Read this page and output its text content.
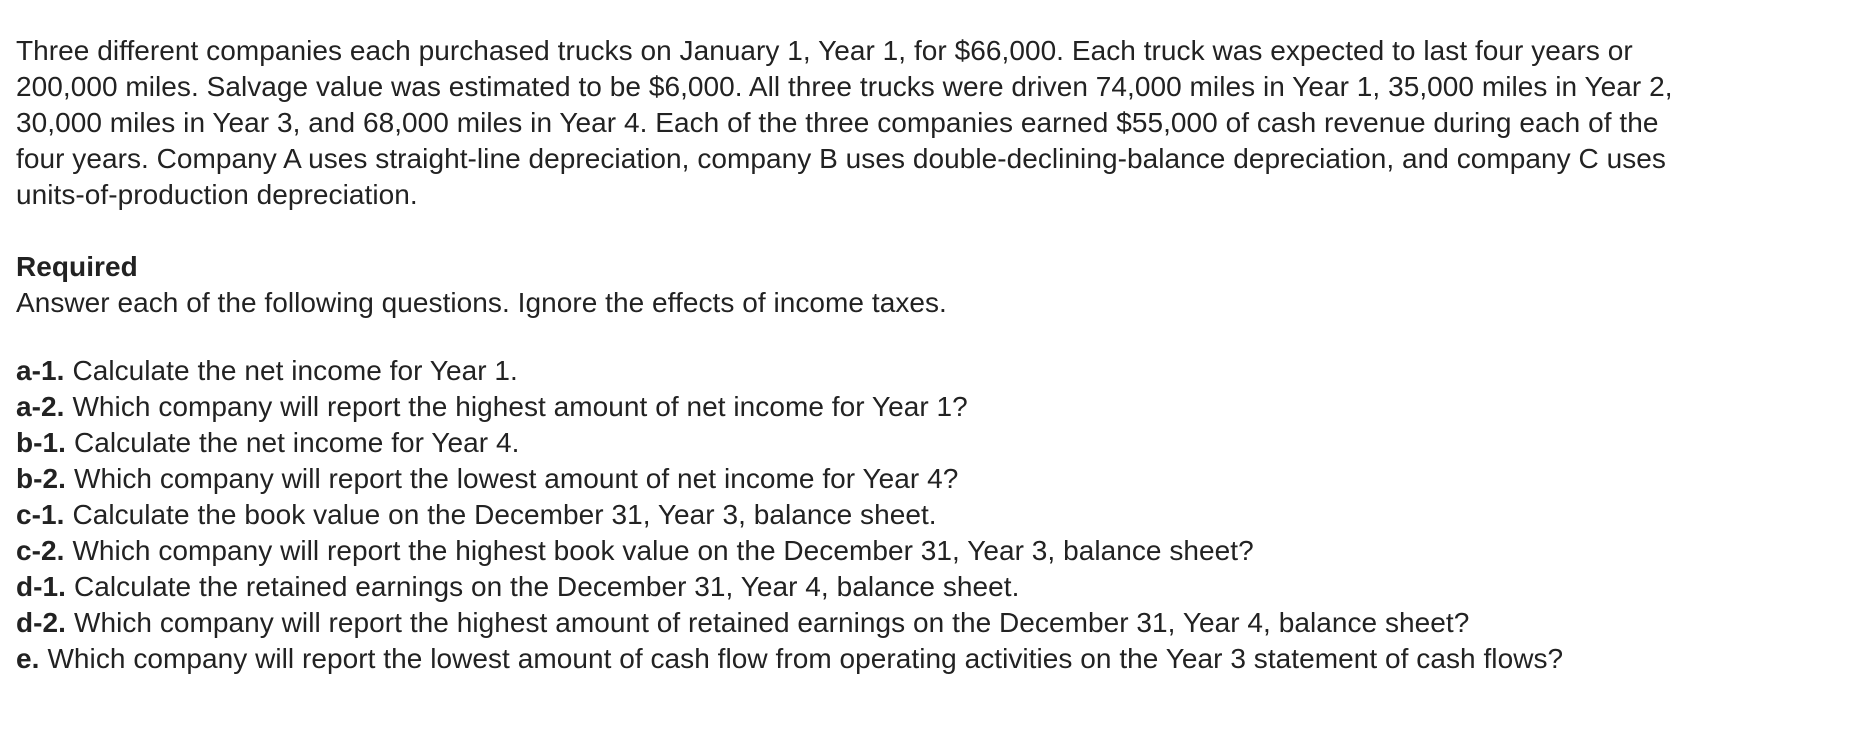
Three different companies each purchased trucks on January 1, Year 1, for $66,000. Each truck was expected to last four years or
200,000 miles. Salvage value was estimated to be $6,000. All three trucks were driven 74,000 miles in Year 1, 35,000 miles in Year 2,
30,000 miles in Year 3, and 68,000 miles in Year 4. Each of the three companies earned $55,000 of cash revenue during each of the
four years. Company A uses straight-line depreciation, company B uses double-declining-balance depreciation, and company C uses
units-of-production depreciation.
Required
Answer each of the following questions. Ignore the effects of income taxes.
a-1. Calculate the net income for Year 1.
a-2. Which company will report the highest amount of net income for Year 1?
b-1. Calculate the net income for Year 4.
b-2. Which company will report the lowest amount of net income for Year 4?
c-1. Calculate the book value on the December 31, Year 3, balance sheet.
c-2. Which company will report the highest book value on the December 31, Year 3, balance sheet?
d-1. Calculate the retained earnings on the December 31, Year 4, balance sheet.
d-2. Which company will report the highest amount of retained earnings on the December 31, Year 4, balance sheet?
e. Which company will report the lowest amount of cash flow from operating activities on the Year 3 statement of cash flows?
